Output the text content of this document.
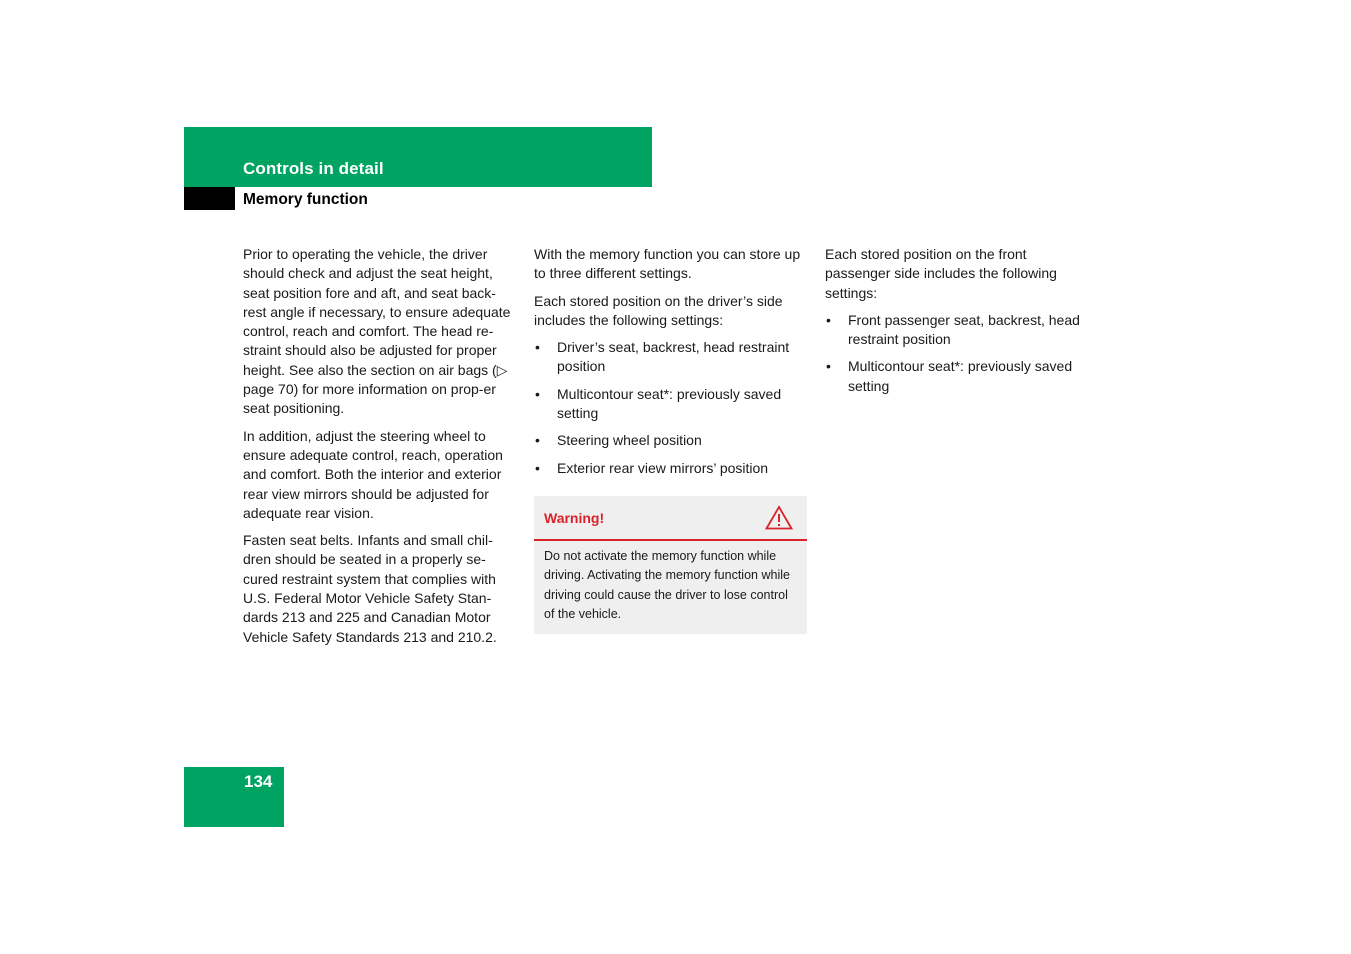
Controls in detail
Memory function

Prior to operating the vehicle, the driver should check and adjust the seat height, seat position fore and aft, and seat back-rest angle if necessary, to ensure adequate control, reach and comfort. The head re-straint should also be adjusted for proper height. See also the section on air bags (▷ page 70) for more information on prop-er seat positioning.

In addition, adjust the steering wheel to ensure adequate control, reach, operation and comfort. Both the interior and exterior rear view mirrors should be adjusted for adequate rear vision.

Fasten seat belts. Infants and small chil-dren should be seated in a properly se-cured restraint system that complies with U.S. Federal Motor Vehicle Safety Stan-dards 213 and 225 and Canadian Motor Vehicle Safety Standards 213 and 210.2.

With the memory function you can store up to three different settings.

Each stored position on the driver’s side includes the following settings:

• Driver’s seat, backrest, head restraint position
• Multicontour seat*: previously saved setting
• Steering wheel position
• Exterior rear view mirrors’ position
Warning!
Do not activate the memory function while driving. Activating the memory function while driving could cause the driver to lose control of the vehicle.

Each stored position on the front passenger side includes the following settings:

• Front passenger seat, backrest, head restraint position
• Multicontour seat*: previously saved setting
134
